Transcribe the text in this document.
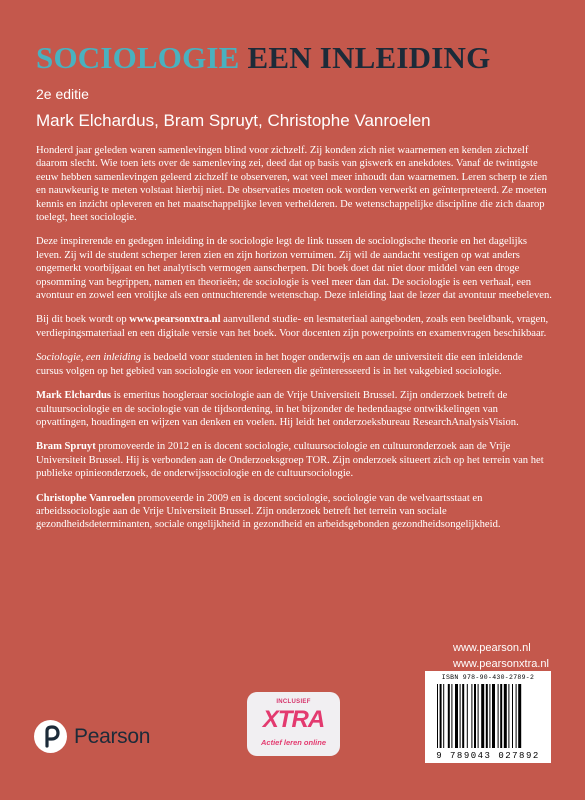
SOCIOLOGIE EEN INLEIDING
2e editie
Mark Elchardus, Bram Spruyt, Christophe Vanroelen

Honderd jaar geleden waren samenlevingen blind voor zichzelf. Zij konden zich niet waarnemen en kenden zichzelf daarom slecht. Wie toen iets over de samenleving zei, deed dat op basis van giswerk en anekdotes. Vanaf de twintigste eeuw hebben samenlevingen geleerd zichzelf te observeren, wat veel meer inhoudt dan waarnemen. Leren scherp te zien en nauwkeurig te meten volstaat hierbij niet. De observaties moeten ook worden verwerkt en geïnterpreteerd. Ze moeten kennis en inzicht opleveren en het maatschappelijke leven verhelderen. De wetenschappelijke discipline die zich daarop toelegt, heet sociologie.

Deze inspirerende en gedegen inleiding in de sociologie legt de link tussen de sociologische theorie en het dagelijks leven. Zij wil de student scherper leren zien en zijn horizon verruimen. Zij wil de aandacht vestigen op wat anders ongemerkt voorbijgaat en het analytisch vermogen aanscherpen. Dit boek doet dat niet door middel van een droge opsomming van begrippen, namen en theorieën; de sociologie is veel meer dan dat. De sociologie is een verhaal, een avontuur en zowel een vrolijke als een ontnuchterende wetenschap. Deze inleiding laat de lezer dat avontuur meebeleven.

Bij dit boek wordt op www.pearsonxtra.nl aanvullend studie- en lesmateriaal aangeboden, zoals een beeldbank, vragen, verdiepingsmateriaal en een digitale versie van het boek. Voor docenten zijn powerpoints en examenvragen beschikbaar.

Sociologie, een inleiding is bedoeld voor studenten in het hoger onderwijs en aan de universiteit die een inleidende cursus volgen op het gebied van sociologie en voor iedereen die geïnteresseerd is in het vakgebied sociologie.

Mark Elchardus is emeritus hoogleraar sociologie aan de Vrije Universiteit Brussel. Zijn onderzoek betreft de cultuursociologie en de sociologie van de tijdsordening, in het bijzonder de hedendaagse ontwikkelingen van opvattingen, houdingen en wijzen van denken en voelen. Hij leidt het onderzoeksbureau ResearchAnalysisVision.

Bram Spruyt promoveerde in 2012 en is docent sociologie, cultuursociologie en cultuuronderzoek aan de Vrije Universiteit Brussel. Hij is verbonden aan de Onderzoeksgroep TOR. Zijn onderzoek situeert zich op het terrein van het publieke opinieonderzoek, de onderwijssociologie en de cultuursociologie.

Christophe Vanroelen promoveerde in 2009 en is docent sociologie, sociologie van de welvaartsstaat en arbeidssociologie aan de Vrije Universiteit Brussel. Zijn onderzoek betreft het terrein van sociale gezondheidsdeterminanten, sociale ongelijkheid in gezondheid en arbeidsgebonden gezondheidsongelijkheid.

www.pearson.nl
www.pearsonxtra.nl
Pearson
INCLUSIEF
XTRA
Actief leren online
ISBN 978-90-430-2789-2
9 789043 027892
